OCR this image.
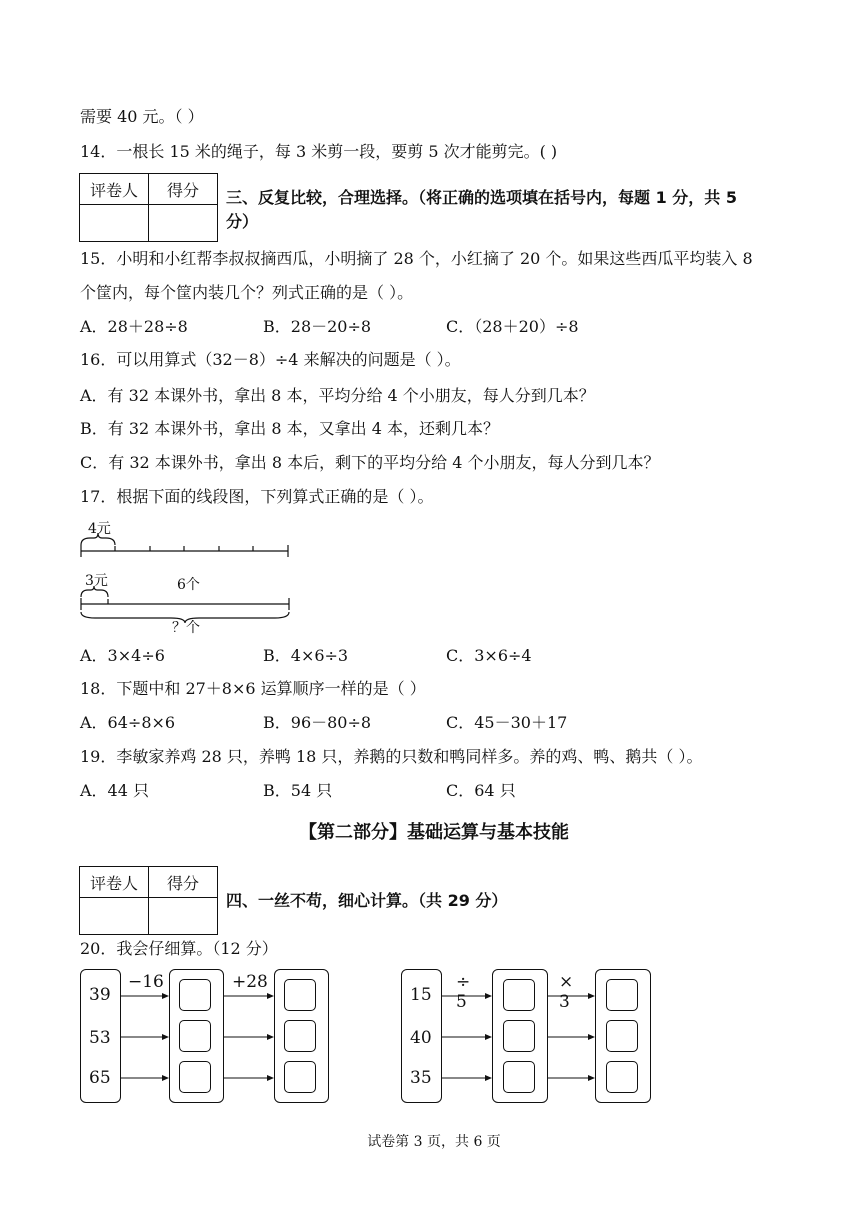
需要 40 元。（ ）
14．一根长 15 米的绳子，每 3 米剪一段，要剪 5 次才能剪完。( )
评卷人	得分
	三、反复比较，合理选择。（将正确的选项填在括号内，每题 1 分，共 5
分）
15．小明和小红帮李叔叔摘西瓜，小明摘了 28 个，小红摘了 20 个。如果这些西瓜平均装入 8
个筐内，每个筐内装几个？列式正确的是（ ）。
A．28＋28÷8	B．28－20÷8	C．（28＋20）÷8
16．可以用算式（32－8）÷4 来解决的问题是（ ）。
A．有 32 本课外书，拿出 8 本，平均分给 4 个小朋友，每人分到几本？
B．有 32 本课外书，拿出 8 本，又拿出 4 本，还剩几本？
C．有 32 本课外书，拿出 8 本后，剩下的平均分给 4 个小朋友，每人分到几本？
17．根据下面的线段图，下列算式正确的是（ ）。
4元
6个
3元
？个
A．3×4÷6	B．4×6÷3	C．3×6÷4
18．下题中和 27＋8×6 运算顺序一样的是（ ）
A．64÷8×6	B．96－80÷8	C．45－30＋17
19．李敏家养鸡 28 只，养鸭 18 只，养鹅的只数和鸭同样多。养的鸡、鸭、鹅共（ ）。
A．44 只	B．54 只	C．64 只
【第二部分】基础运算与基本技能
评卷人	得分

四、一丝不苟，细心计算。（共 29 分）
20．我会仔细算。（12 分）
39
53
65
−16	+28
15
40
35
÷ 5
× 3
试卷第 3 页，共 6 页
